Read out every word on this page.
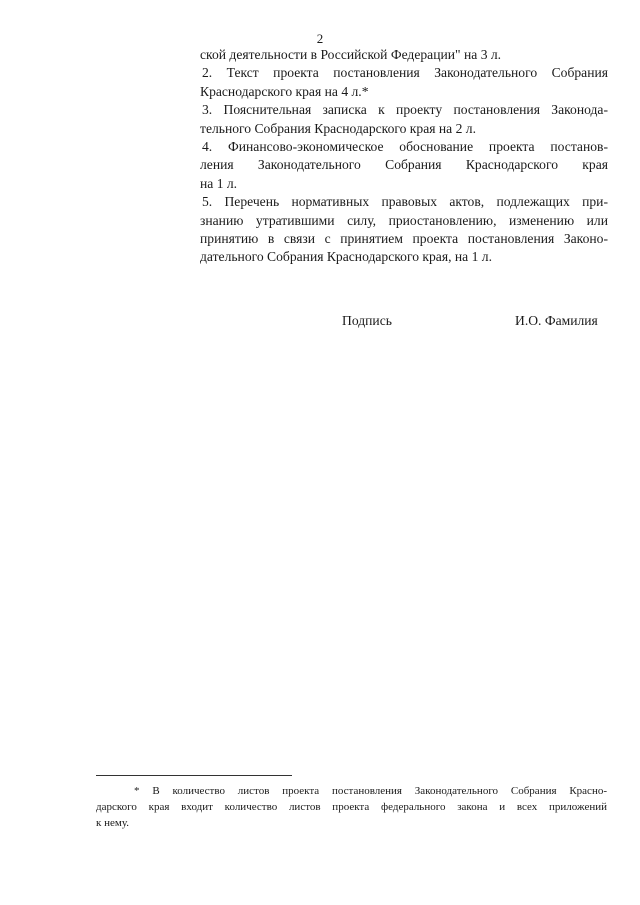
2
ской деятельности в Российской Федерации" на 3 л.
2. Текст проекта постановления Законодательного Собрания
Краснодарского края на 4 л.*
3. Пояснительная записка к проекту постановления Законода-
тельного Собрания Краснодарского края на 2 л.
4. Финансово-экономическое обоснование проекта постанов-
ления Законодательного Собрания Краснодарского края
на 1 л.
5. Перечень нормативных правовых актов, подлежащих при-
знанию утратившими силу, приостановлению, изменению или
принятию в связи с принятием проекта постановления Законо-
дательного Собрания Краснодарского края, на 1 л.
Подпись	И.О. Фамилия
* В количество листов проекта постановления Законодательного Собрания Красно-
дарского края входит количество листов проекта федерального закона и всех приложений
к нему.
